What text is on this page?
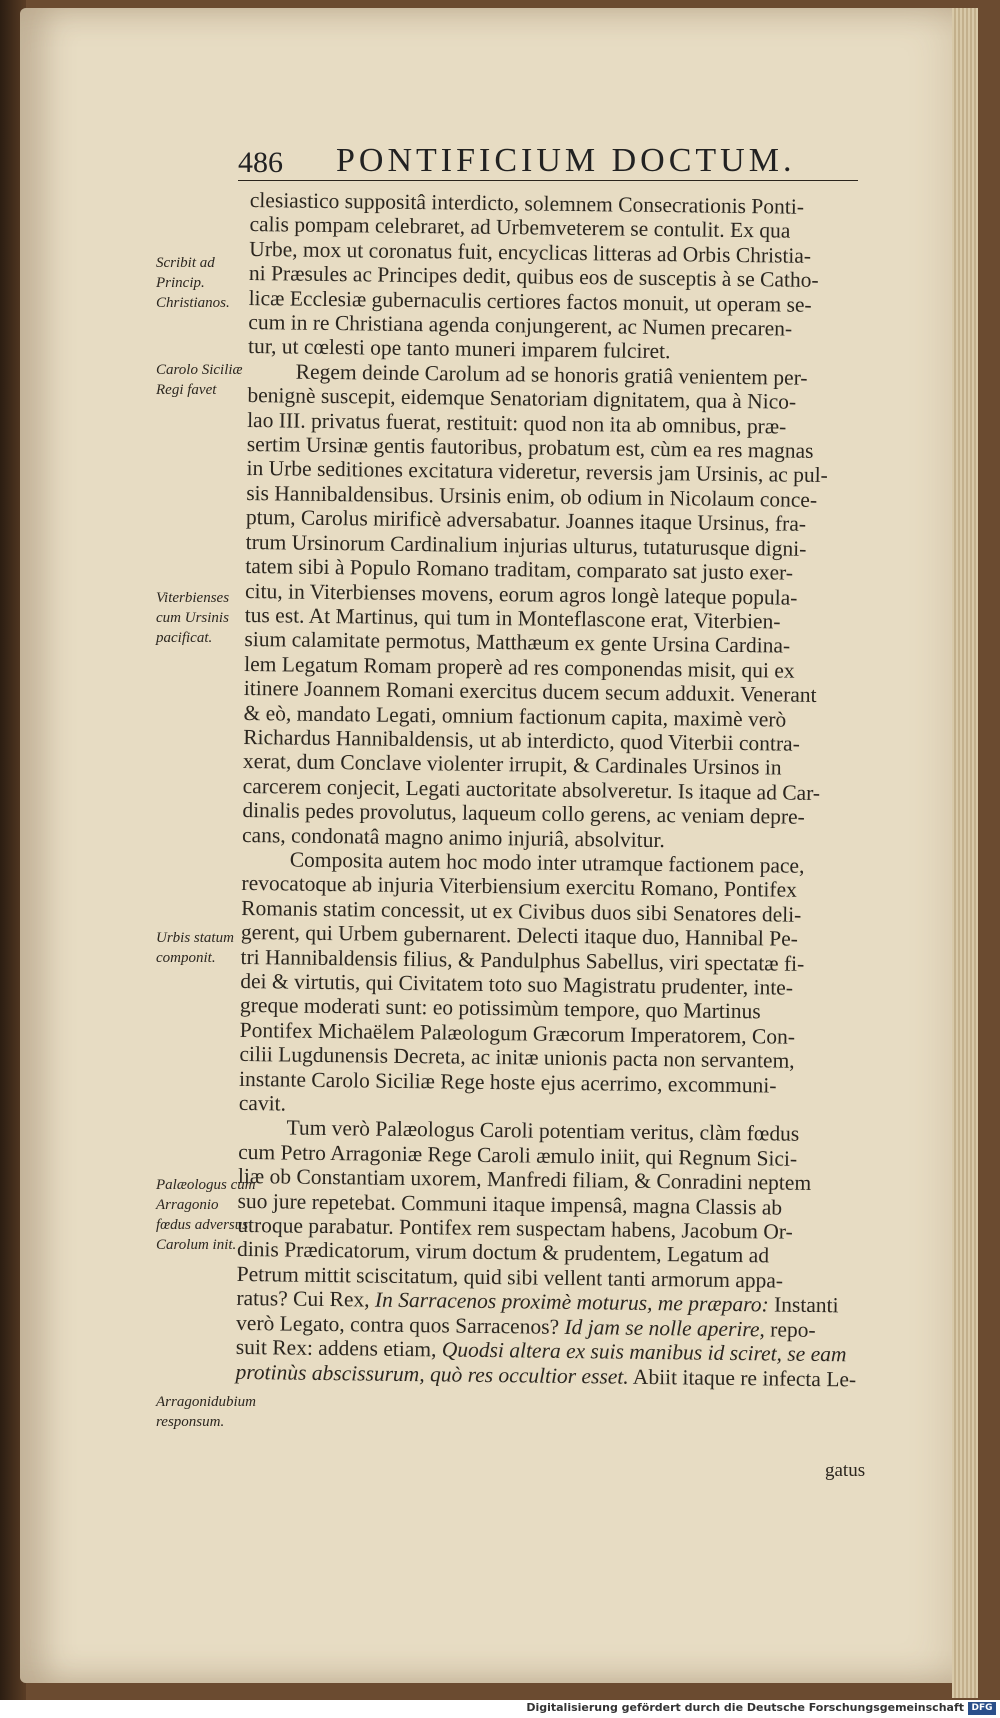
486 PONTIFICIUM DOCTUM.
Scribit ad Princip. Christianos.
Carolo Siciliæ Regi favet
Viterbienses cum Ursinis pacificat.
Urbis statum componit.
Palæologus cum Arragonio fœdus adversus Carolum init.
Arragonidubium responsum.
clesiastico suppositâ interdicto, solemnem Consecrationis Ponti-
calis pompam celebraret, ad Urbemveterem se contulit. Ex qua
Urbe, mox ut coronatus fuit, encyclicas litteras ad Orbis Christia-
ni Præsules ac Principes dedit, quibus eos de susceptis à se Catho-
licæ Ecclesiæ gubernaculis certiores factos monuit, ut operam se-
cum in re Christiana agenda conjungerent, ac Numen precaren-
tur, ut cœlesti ope tanto muneri imparem fulciret.
Regem deinde Carolum ad se honoris gratiâ venientem per-
benignè suscepit, eidemque Senatoriam dignitatem, qua à Nico-
lao III. privatus fuerat, restituit: quod non ita ab omnibus, præ-
sertim Ursinæ gentis fautoribus, probatum est, cùm ea res magnas
in Urbe seditiones excitatura videretur, reversis jam Ursinis, ac pul-
sis Hannibaldensibus. Ursinis enim, ob odium in Nicolaum conce-
ptum, Carolus mirificè adversabatur. Joannes itaque Ursinus, fra-
trum Ursinorum Cardinalium injurias ulturus, tutaturusque digni-
tatem sibi à Populo Romano traditam, comparato sat justo exer-
citu, in Viterbienses movens, eorum agros longè lateque popula-
tus est. At Martinus, qui tum in Monteflascone erat, Viterbien-
sium calamitate permotus, Matthæum ex gente Ursina Cardina-
lem Legatum Romam properè ad res componendas misit, qui ex
itinere Joannem Romani exercitus ducem secum adduxit. Venerant
& eò, mandato Legati, omnium factionum capita, maximè verò
Richardus Hannibaldensis, ut ab interdicto, quod Viterbii contra-
xerat, dum Conclave violenter irrupit, & Cardinales Ursinos in
carcerem conjecit, Legati auctoritate absolveretur. Is itaque ad Car-
dinalis pedes provolutus, laqueum collo gerens, ac veniam depre-
cans, condonatâ magno animo injuriâ, absolvitur.
Composita autem hoc modo inter utramque factionem pace,
revocatoque ab injuria Viterbiensium exercitu Romano, Pontifex
Romanis statim concessit, ut ex Civibus duos sibi Senatores deli-
gerent, qui Urbem gubernarent. Delecti itaque duo, Hannibal Pe-
tri Hannibaldensis filius, & Pandulphus Sabellus, viri spectatæ fi-
dei & virtutis, qui Civitatem toto suo Magistratu prudenter, inte-
greque moderati sunt: eo potissimùm tempore, quo Martinus
Pontifex Michaëlem Palæologum Græcorum Imperatorem, Con-
cilii Lugdunensis Decreta, ac initæ unionis pacta non servantem,
instante Carolo Siciliæ Rege hoste ejus acerrimo, excommuni-
cavit.
Tum verò Palæologus Caroli potentiam veritus, clàm fœdus
cum Petro Arragoniæ Rege Caroli æmulo iniit, qui Regnum Sici-
liæ ob Constantiam uxorem, Manfredi filiam, & Conradini neptem
suo jure repetebat. Communi itaque impensâ, magna Classis ab
utroque parabatur. Pontifex rem suspectam habens, Jacobum Or-
dinis Prædicatorum, virum doctum & prudentem, Legatum ad
Petrum mittit sciscitatum, quid sibi vellent tanti armorum appa-
ratus? Cui Rex, In Sarracenos proximè moturus, me præparo: Instanti
verò Legato, contra quos Sarracenos? Id jam se nolle aperire, repo-
suit Rex: addens etiam, Quodsi altera ex suis manibus id sciret, se eam
protinùs abscissurum, quò res occultior esset. Abiit itaque re infecta Le-
gatus
Digitalisierung gefördert durch die Deutsche Forschungsgemeinschaft DFG
